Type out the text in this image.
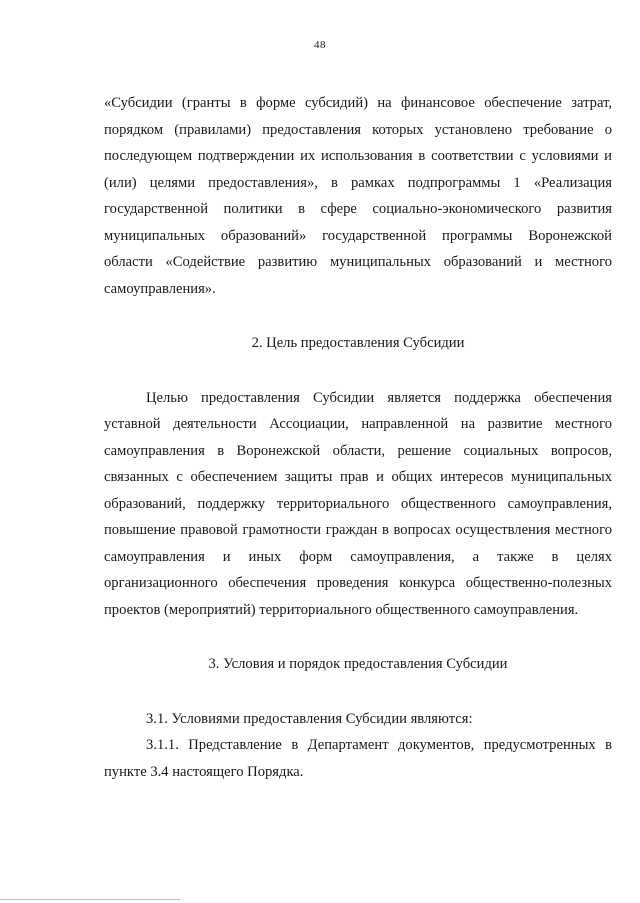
48

«Субсидии (гранты в форме субсидий) на финансовое обеспечение затрат, порядком (правилами) предоставления которых установлено требование о последующем подтверждении их использования в соответствии с условиями и (или) целями предоставления», в рамках подпрограммы 1 «Реализация государственной политики в сфере социально-экономического развития муниципальных образований» государственной программы Воронежской области «Содействие развитию муниципальных образований и местного самоуправления».

2. Цель предоставления Субсидии

Целью предоставления Субсидии является поддержка обеспечения уставной деятельности Ассоциации, направленной на развитие местного самоуправления в Воронежской области, решение социальных вопросов, связанных с обеспечением защиты прав и общих интересов муниципальных образований, поддержку территориального общественного самоуправления, повышение правовой грамотности граждан в вопросах осуществления местного самоуправления и иных форм самоуправления, а также в целях организационного обеспечения проведения конкурса общественно-полезных проектов (мероприятий) территориального общественного самоуправления.

3. Условия и порядок предоставления Субсидии

3.1. Условиями предоставления Субсидии являются:

3.1.1. Представление в Департамент документов, предусмотренных в пункте 3.4 настоящего Порядка.
